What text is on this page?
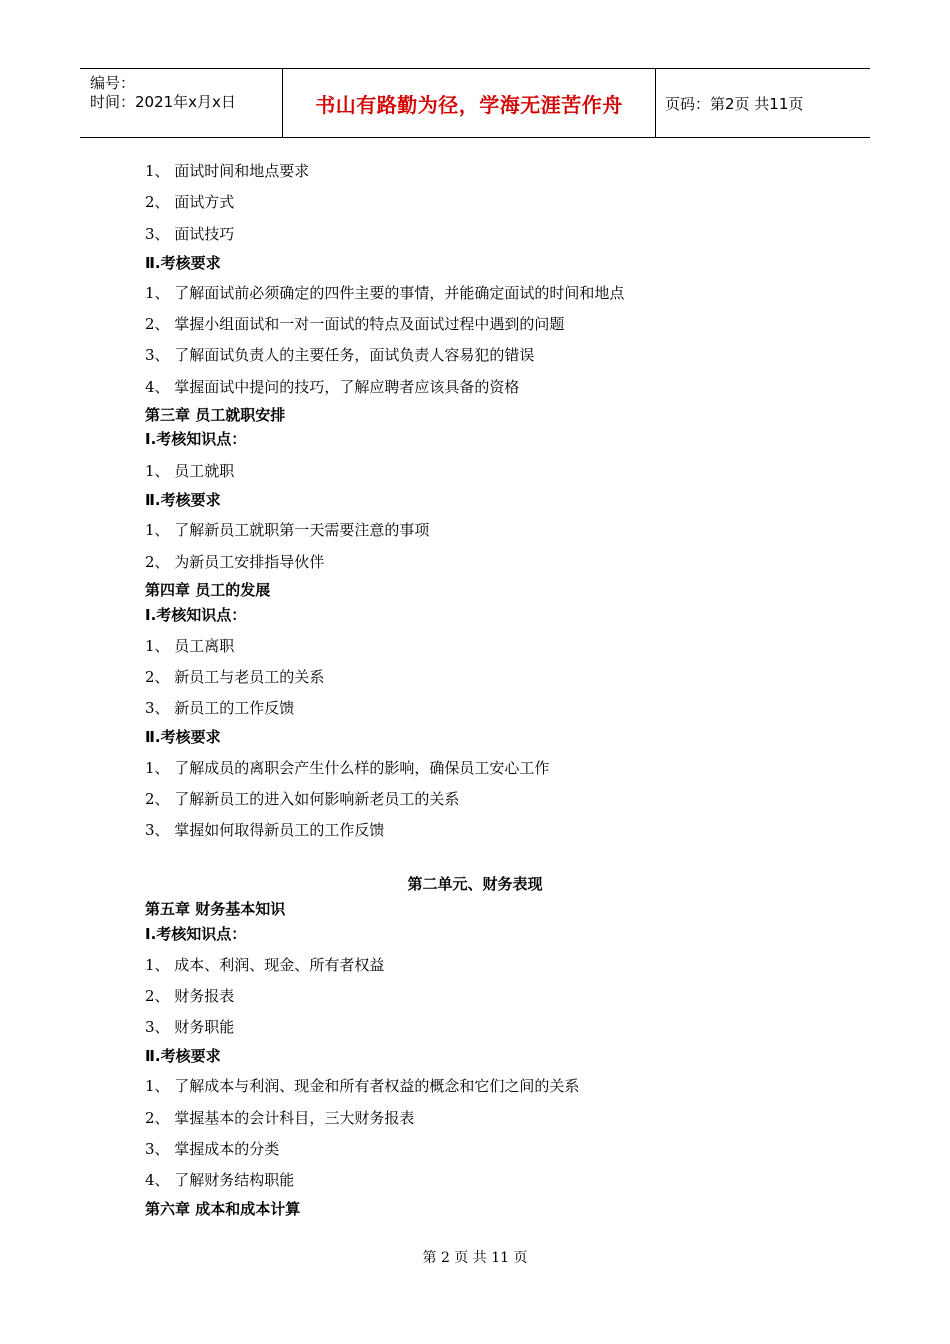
编号：
时间：2021年x月x日	书山有路勤为径，学海无涯苦作舟	页码：第2页 共11页
1、 面试时间和地点要求
2、 面试方式
3、 面试技巧
Ⅱ.考核要求
1、 了解面试前必须确定的四件主要的事情，并能确定面试的时间和地点
2、 掌握小组面试和一对一面试的特点及面试过程中遇到的问题
3、 了解面试负责人的主要任务，面试负责人容易犯的错误
4、 掌握面试中提问的技巧，了解应聘者应该具备的资格
第三章 员工就职安排
Ⅰ.考核知识点：
1、 员工就职
Ⅱ.考核要求
1、 了解新员工就职第一天需要注意的事项
2、 为新员工安排指导伙伴
第四章 员工的发展
Ⅰ.考核知识点：
1、 员工离职
2、 新员工与老员工的关系
3、 新员工的工作反馈
Ⅱ.考核要求
1、 了解成员的离职会产生什么样的影响，确保员工安心工作
2、 了解新员工的进入如何影响新老员工的关系
3、 掌握如何取得新员工的工作反馈
第二单元、财务表现
第五章 财务基本知识
Ⅰ.考核知识点：
1、 成本、利润、现金、所有者权益
2、 财务报表
3、 财务职能
Ⅱ.考核要求
1、 了解成本与利润、现金和所有者权益的概念和它们之间的关系
2、 掌握基本的会计科目，三大财务报表
3、 掌握成本的分类
4、 了解财务结构职能
第六章 成本和成本计算
第 2 页 共 11 页
